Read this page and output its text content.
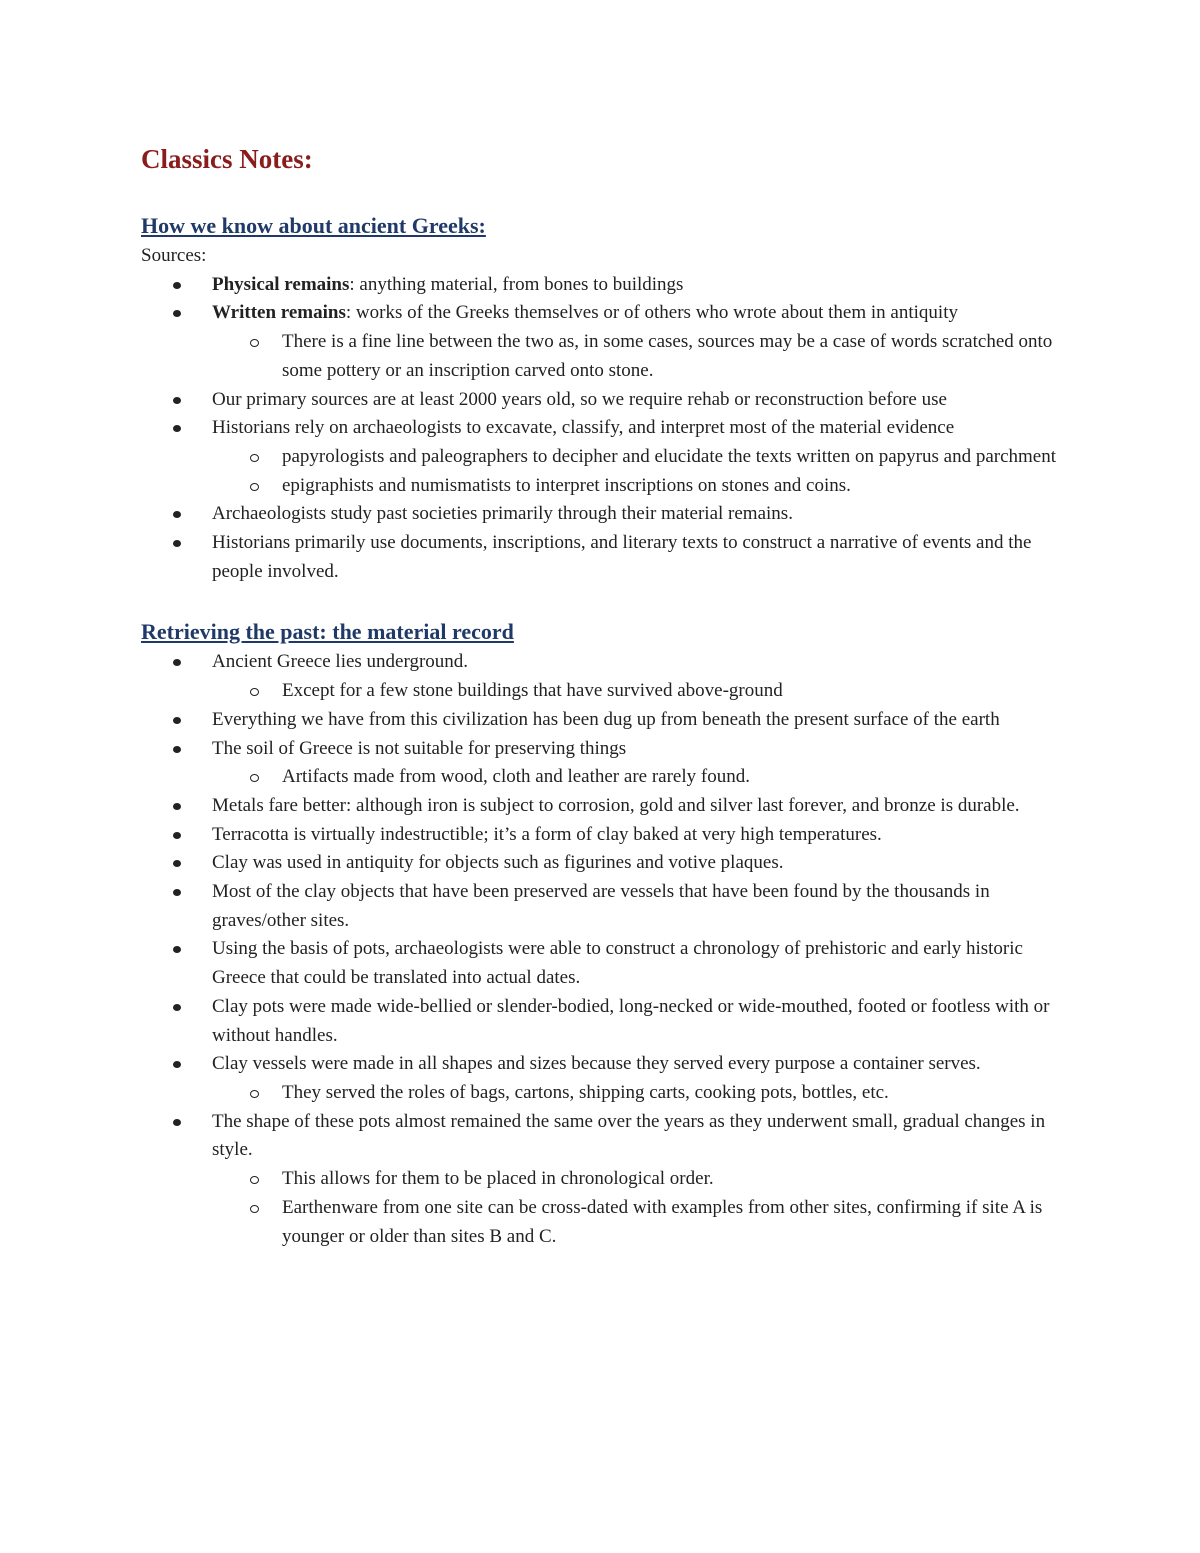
Classics Notes:
How we know about ancient Greeks:

Sources:

Physical remains: anything material, from bones to buildings
Written remains: works of the Greeks themselves or of others who wrote about them in antiquity
There is a fine line between the two as, in some cases, sources may be a case of words scratched onto some pottery or an inscription carved onto stone.
Our primary sources are at least 2000 years old, so we require rehab or reconstruction before use
Historians rely on archaeologists to excavate, classify, and interpret most of the material evidence
papyrologists and paleographers to decipher and elucidate the texts written on papyrus and parchment
epigraphists and numismatists to interpret inscriptions on stones and coins.
Archaeologists study past societies primarily through their material remains.
Historians primarily use documents, inscriptions, and literary texts to construct a narrative of events and the people involved.
Retrieving the past: the material record
Ancient Greece lies underground.
Except for a few stone buildings that have survived above-ground
Everything we have from this civilization has been dug up from beneath the present surface of the earth
The soil of Greece is not suitable for preserving things
Artifacts made from wood, cloth and leather are rarely found.
Metals fare better: although iron is subject to corrosion, gold and silver last forever, and bronze is durable.
Terracotta is virtually indestructible; it’s a form of clay baked at very high temperatures.
Clay was used in antiquity for objects such as figurines and votive plaques.
Most of the clay objects that have been preserved are vessels that have been found by the thousands in graves/other sites.
Using the basis of pots, archaeologists were able to construct a chronology of prehistoric and early historic Greece that could be translated into actual dates.
Clay pots were made wide-bellied or slender-bodied, long-necked or wide-mouthed, footed or footless with or without handles.
Clay vessels were made in all shapes and sizes because they served every purpose a container serves.
They served the roles of bags, cartons, shipping carts, cooking pots, bottles, etc.
The shape of these pots almost remained the same over the years as they underwent small, gradual changes in style.
This allows for them to be placed in chronological order.
Earthenware from one site can be cross-dated with examples from other sites, confirming if site A is younger or older than sites B and C.
